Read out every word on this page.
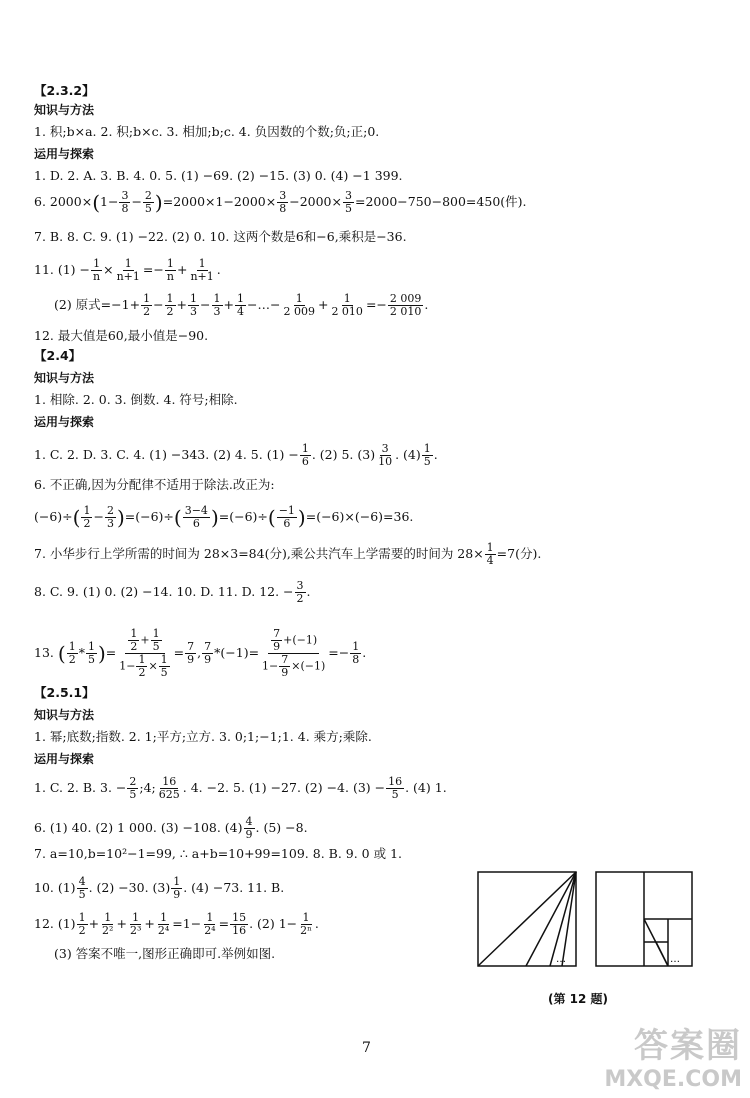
【2.3.2】
知识与方法
1. 积;b×a. 2. 积;b×c. 3. 相加;b;c. 4. 负因数的个数;负;正;0.
运用与探索
1. D. 2. A. 3. B. 4. 0. 5. (1) −69. (2) −15. (3) 0. (4) −1 399.
6. $2000\times(1- \frac{3}{8} - \frac{2}{5} )=2000\times 1-2000\times \frac{3}{8} -2000\times \frac{3}{5} =2000-750-800=450$(件).
7. B. 8. C. 9. (1) −22. (2) 0. 10. 这两个数是6和−6,乘积是−36.
11. $(1) - \frac{1}{n} \times \frac{1}{n+1} =- \frac{1}{n} + \frac{1}{n+1}$ .
(2) 原式$=-1+ \frac{1}{2} - \frac{1}{2} + \frac{1}{3} - \frac{1}{3} + \frac{1}{4}$ −…− $\frac{1}{2 009} + \frac{1}{2 010} =- \frac{2 009}{2 010}$ .
12. 最大值是60,最小值是−90.
【2.4】
知识与方法
1. 相除. 2. 0. 3. 倒数. 4. 符号;相除.
运用与探索
1. C. 2. D. 3. C. 4. (1) −343. (2) 4. 5. $(1) - \frac{1}{6}$ . (2) 5. $(3) \frac{3}{10}$ . $(4) \frac{1}{5}$ .
6. 不正确,因为分配律不适用于除法.改正为:
$(-6)\div( \frac{1}{2} - \frac{2}{3} )=(-6)\div( \frac{3-4}{6} )=(-6)\div( \frac{-1}{6} )=(-6)\times(-6)=36$.
7. 小华步行上学所需的时间为 28×3=84(分),乘公共汽车上学需要的时间为 $28\times \frac{1}{4} =7$(分).
8. C. 9. (1) 0. (2) −14. 10. D. 11. D. 12. − $\frac{3}{2}$ .
13. ( $\frac{1}{2} * \frac{1}{5}$ )= $\frac{\frac{1}{2} + \frac{1}{5}}{1- \frac{1}{2} \times \frac{1}{5}} = \frac{7}{9}$ , $\frac{7}{9} *(-1)= \frac{\frac{7}{9} +(-1)}{1- \frac{7}{9} \times(-1)} =- \frac{1}{8}$ .
【2.5.1】
知识与方法
1. 幂;底数;指数. 2. 1;平方;立方. 3. 0;1;−1;1. 4. 乘方;乘除.
运用与探索
1. C. 2. B. 3. − $\frac{2}{5}$ ;4; $\frac{16}{625}$ . 4. −2. 5. (1) −27. (2) −4. $(3) - \frac{16}{5}$ . (4) 1.
6. (1) 40. (2) 1 000. (3) −108. $(4) \frac{4}{9}$ . (5) −8.
7. a=10,b=10²−1=99, ∴ a+b=10+99=109. 8. B. 9. 0 或 1.
10. $(1) \frac{4}{5}$ . (2) −30. $(3) \frac{1}{9}$ . (4) −73. 11. B.
12. $(1) \frac{1}{2} + \frac{1}{\text{2²}} + \frac{1}{\text{2³}} + \frac{1}{\text{2⁴}} =1- \frac{1}{\text{2⁴}} = \frac{15}{16}$ . (2) $1- \frac{1}{\text{2ⁿ}}$ .
(3) 答案不唯一,图形正确即可.举例如图.	…	…
(第 12 题)
7	答案圈
MXQE.COM
